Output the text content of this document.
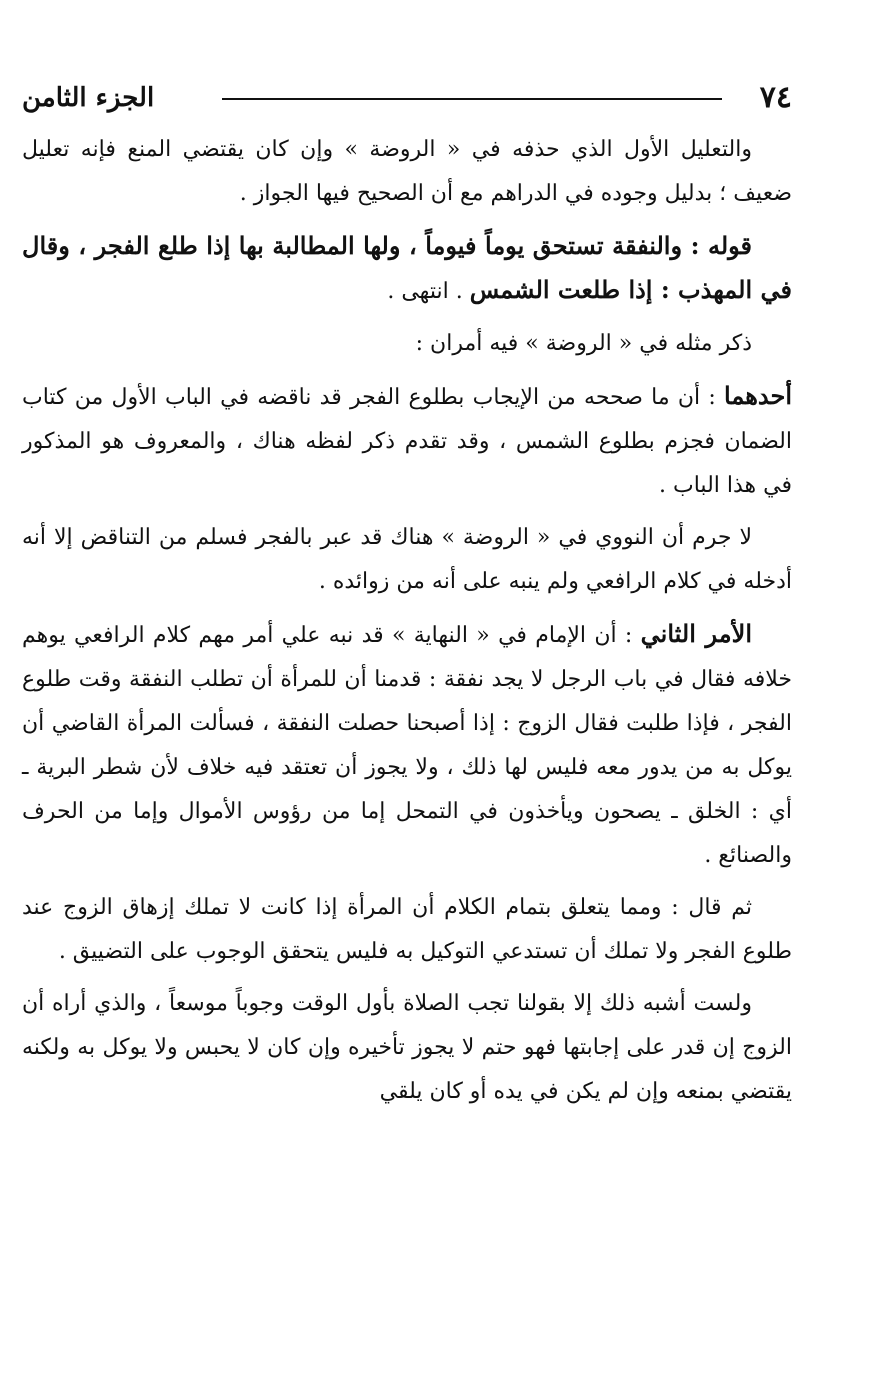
٧٤
الجزء الثامن

والتعليل الأول الذي حذفه في « الروضة » وإن كان يقتضي المنع فإنه تعليل ضعيف ؛ بدليل وجوده في الدراهم مع أن الصحيح فيها الجواز .

قوله : والنفقة تستحق يوماً فيوماً ، ولها المطالبة بها إذا طلع الفجر ، وقال في المهذب : إذا طلعت الشمس . انتهى .

ذكر مثله في « الروضة » فيه أمران :

أحدهما : أن ما صححه من الإيجاب بطلوع الفجر قد ناقضه في الباب الأول من كتاب الضمان فجزم بطلوع الشمس ، وقد تقدم ذكر لفظه هناك ، والمعروف هو المذكور في هذا الباب .

لا جرم أن النووي في « الروضة » هناك قد عبر بالفجر فسلم من التناقض إلا أنه أدخله في كلام الرافعي ولم ينبه على أنه من زوائده .

الأمر الثاني : أن الإمام في « النهاية » قد نبه علي أمر مهم كلام الرافعي يوهم خلافه فقال في باب الرجل لا يجد نفقة : قدمنا أن للمرأة أن تطلب النفقة وقت طلوع الفجر ، فإذا طلبت فقال الزوج : إذا أصبحنا حصلت النفقة ، فسألت المرأة القاضي أن يوكل به من يدور معه فليس لها ذلك ، ولا يجوز أن تعتقد فيه خلاف لأن شطر البرية ـ أي : الخلق ـ يصحون ويأخذون في التمحل إما من رؤوس الأموال وإما من الحرف والصنائع .

ثم قال : ومما يتعلق بتمام الكلام أن المرأة إذا كانت لا تملك إزهاق الزوج عند طلوع الفجر ولا تملك أن تستدعي التوكيل به فليس يتحقق الوجوب على التضييق .

ولست أشبه ذلك إلا بقولنا تجب الصلاة بأول الوقت وجوباً موسعاً ، والذي أراه أن الزوج إن قدر على إجابتها فهو حتم لا يجوز تأخيره وإن كان لا يحبس ولا يوكل به ولكنه يقتضي بمنعه وإن لم يكن في يده أو كان يلقي
